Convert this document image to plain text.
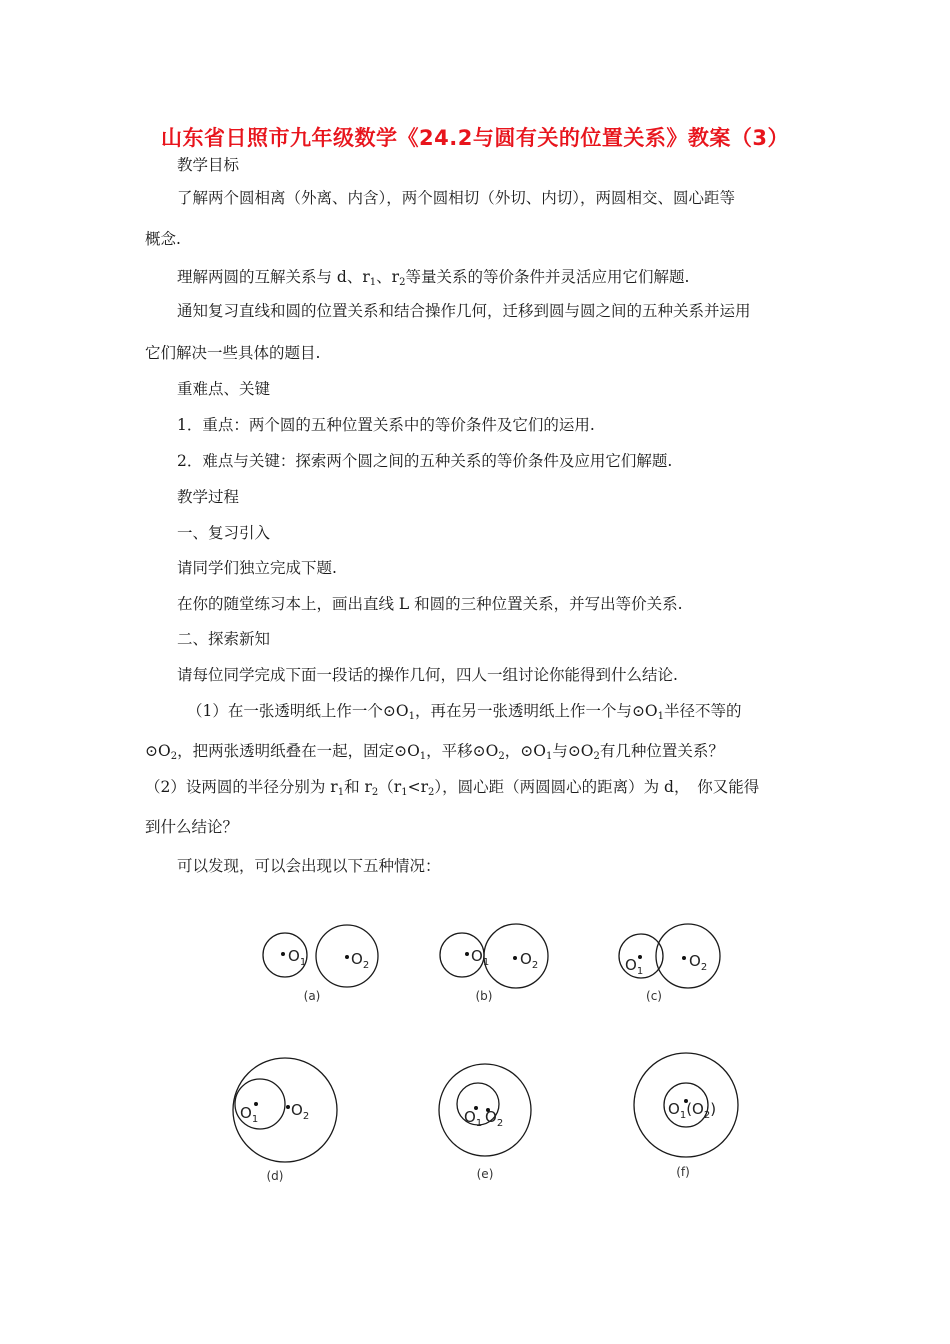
山东省日照市九年级数学《24.2与圆有关的位置关系》教案（3）
教学目标
了解两个圆相离（外离、内含），两个圆相切（外切、内切），两圆相交、圆心距等
概念.
理解两圆的互解关系与 d、$r_1$、$r_2$等量关系的等价条件并灵活应用它们解题.
通知复习直线和圆的位置关系和结合操作几何，迁移到圆与圆之间的五种关系并运用
它们解决一些具体的题目.
重难点、关键
1．重点：两个圆的五种位置关系中的等价条件及它们的运用.
2．难点与关键：探索两个圆之间的五种关系的等价条件及应用它们解题.
教学过程
一、复习引入
请同学们独立完成下题.
在你的随堂练习本上，画出直线 L 和圆的三种位置关系，并写出等价关系.
二、探索新知
请每位同学完成下面一段话的操作几何，四人一组讨论你能得到什么结论.
（1）在一张透明纸上作一个$⊙O_1$，再在另一张透明纸上作一个与$⊙O_1$半径不等的
$⊙O_2$，把两张透明纸叠在一起，固定$⊙O_1$，平移$⊙O_2$，$⊙O_1$与$⊙O_2$有几种位置关系？
（2）设两圆的半径分别为 $r_1$和 $r_2(r_1<r_2)$，圆心距（两圆圆心的距离）为 d，　你又能得
到什么结论？
可以发现，可以会出现以下五种情况：
$O_1$	$O_2$
$O_1$ $O_2$	$O_1$
$O_2$
$O_1$
$O_2$	$O_1$ $O_2$
$O_1(O_2)$
(a)	(b)	(c)
(d)	(e)	(f)
